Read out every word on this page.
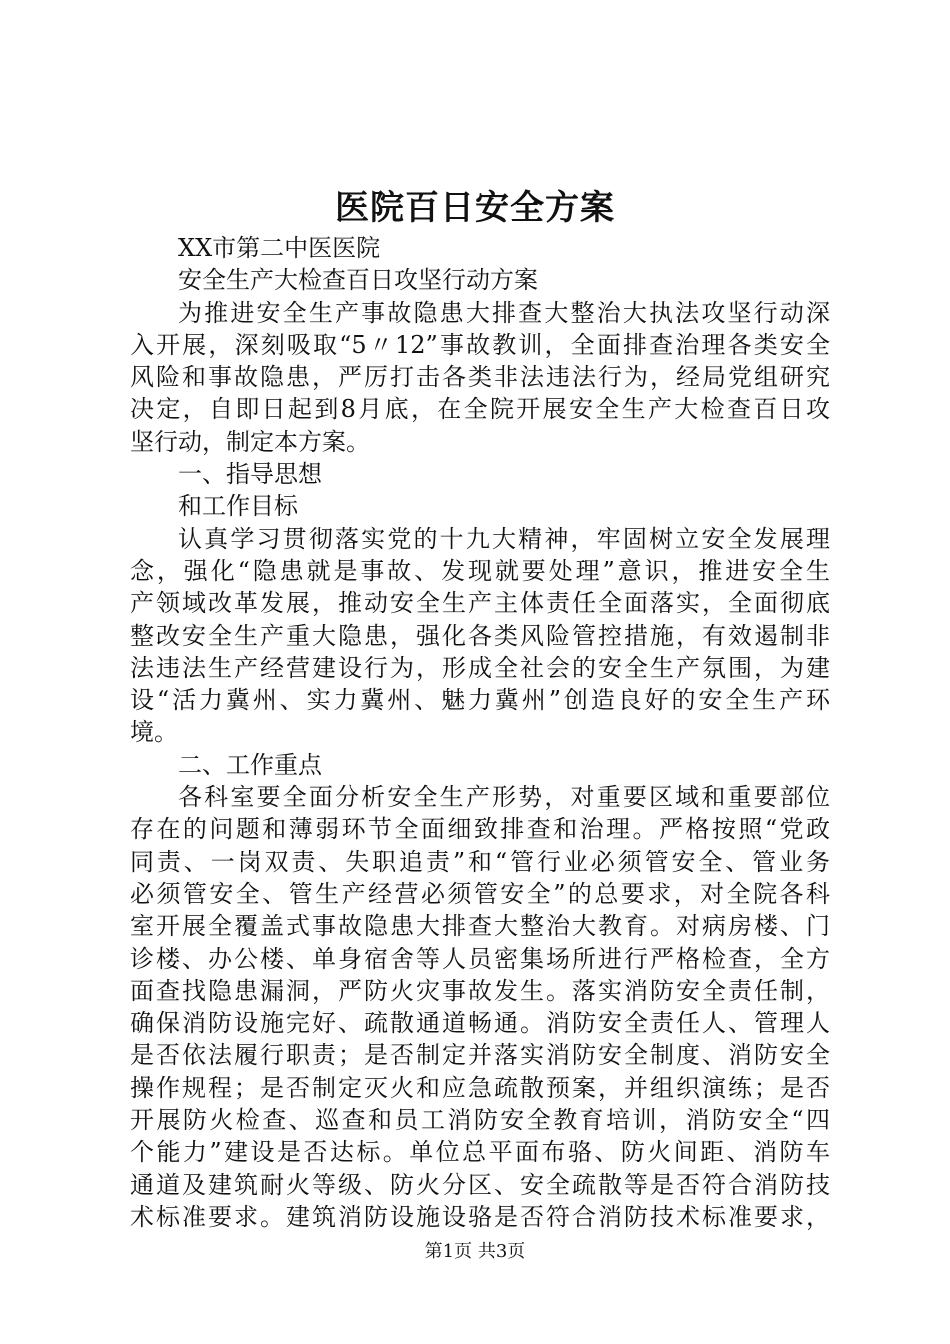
医院百日安全方案

XX市第二中医医院

安全生产大检查百日攻坚行动方案

为推进安全生产事故隐患大排查大整治大执法攻坚行动深

入开展，深刻吸取“5〃12”事故教训，全面排查治理各类安全

风险和事故隐患，严厉打击各类非法违法行为，经局党组研究

决定，自即日起到8月底，在全院开展安全生产大检查百日攻

坚行动，制定本方案。

一、指导思想

和工作目标

认真学习贯彻落实党的十九大精神，牢固树立安全发展理

念，强化“隐患就是事故、发现就要处理”意识，推进安全生

产领域改革发展，推动安全生产主体责任全面落实，全面彻底

整改安全生产重大隐患，强化各类风险管控措施，有效遏制非

法违法生产经营建设行为，形成全社会的安全生产氛围，为建

设“活力冀州、实力冀州、魅力冀州”创造良好的安全生产环

境。

二、工作重点

各科室要全面分析安全生产形势，对重要区域和重要部位

存在的问题和薄弱环节全面细致排查和治理。严格按照“党政

同责、一岗双责、失职追责”和“管行业必须管安全、管业务

必须管安全、管生产经营必须管安全”的总要求，对全院各科

室开展全覆盖式事故隐患大排查大整治大教育。对病房楼、门

诊楼、办公楼、单身宿舍等人员密集场所进行严格检查，全方

面查找隐患漏洞，严防火灾事故发生。落实消防安全责任制，

确保消防设施完好、疏散通道畅通。消防安全责任人、管理人

是否依法履行职责；是否制定并落实消防安全制度、消防安全

操作规程；是否制定灭火和应急疏散预案，并组织演练；是否

开展防火检查、巡查和员工消防安全教育培训，消防安全“四

个能力”建设是否达标。单位总平面布骆、防火间距、消防车

通道及建筑耐火等级、防火分区、安全疏散等是否符合消防技

术标准要求。建筑消防设施设骆是否符合消防技术标准要求，

第1页 共3页
